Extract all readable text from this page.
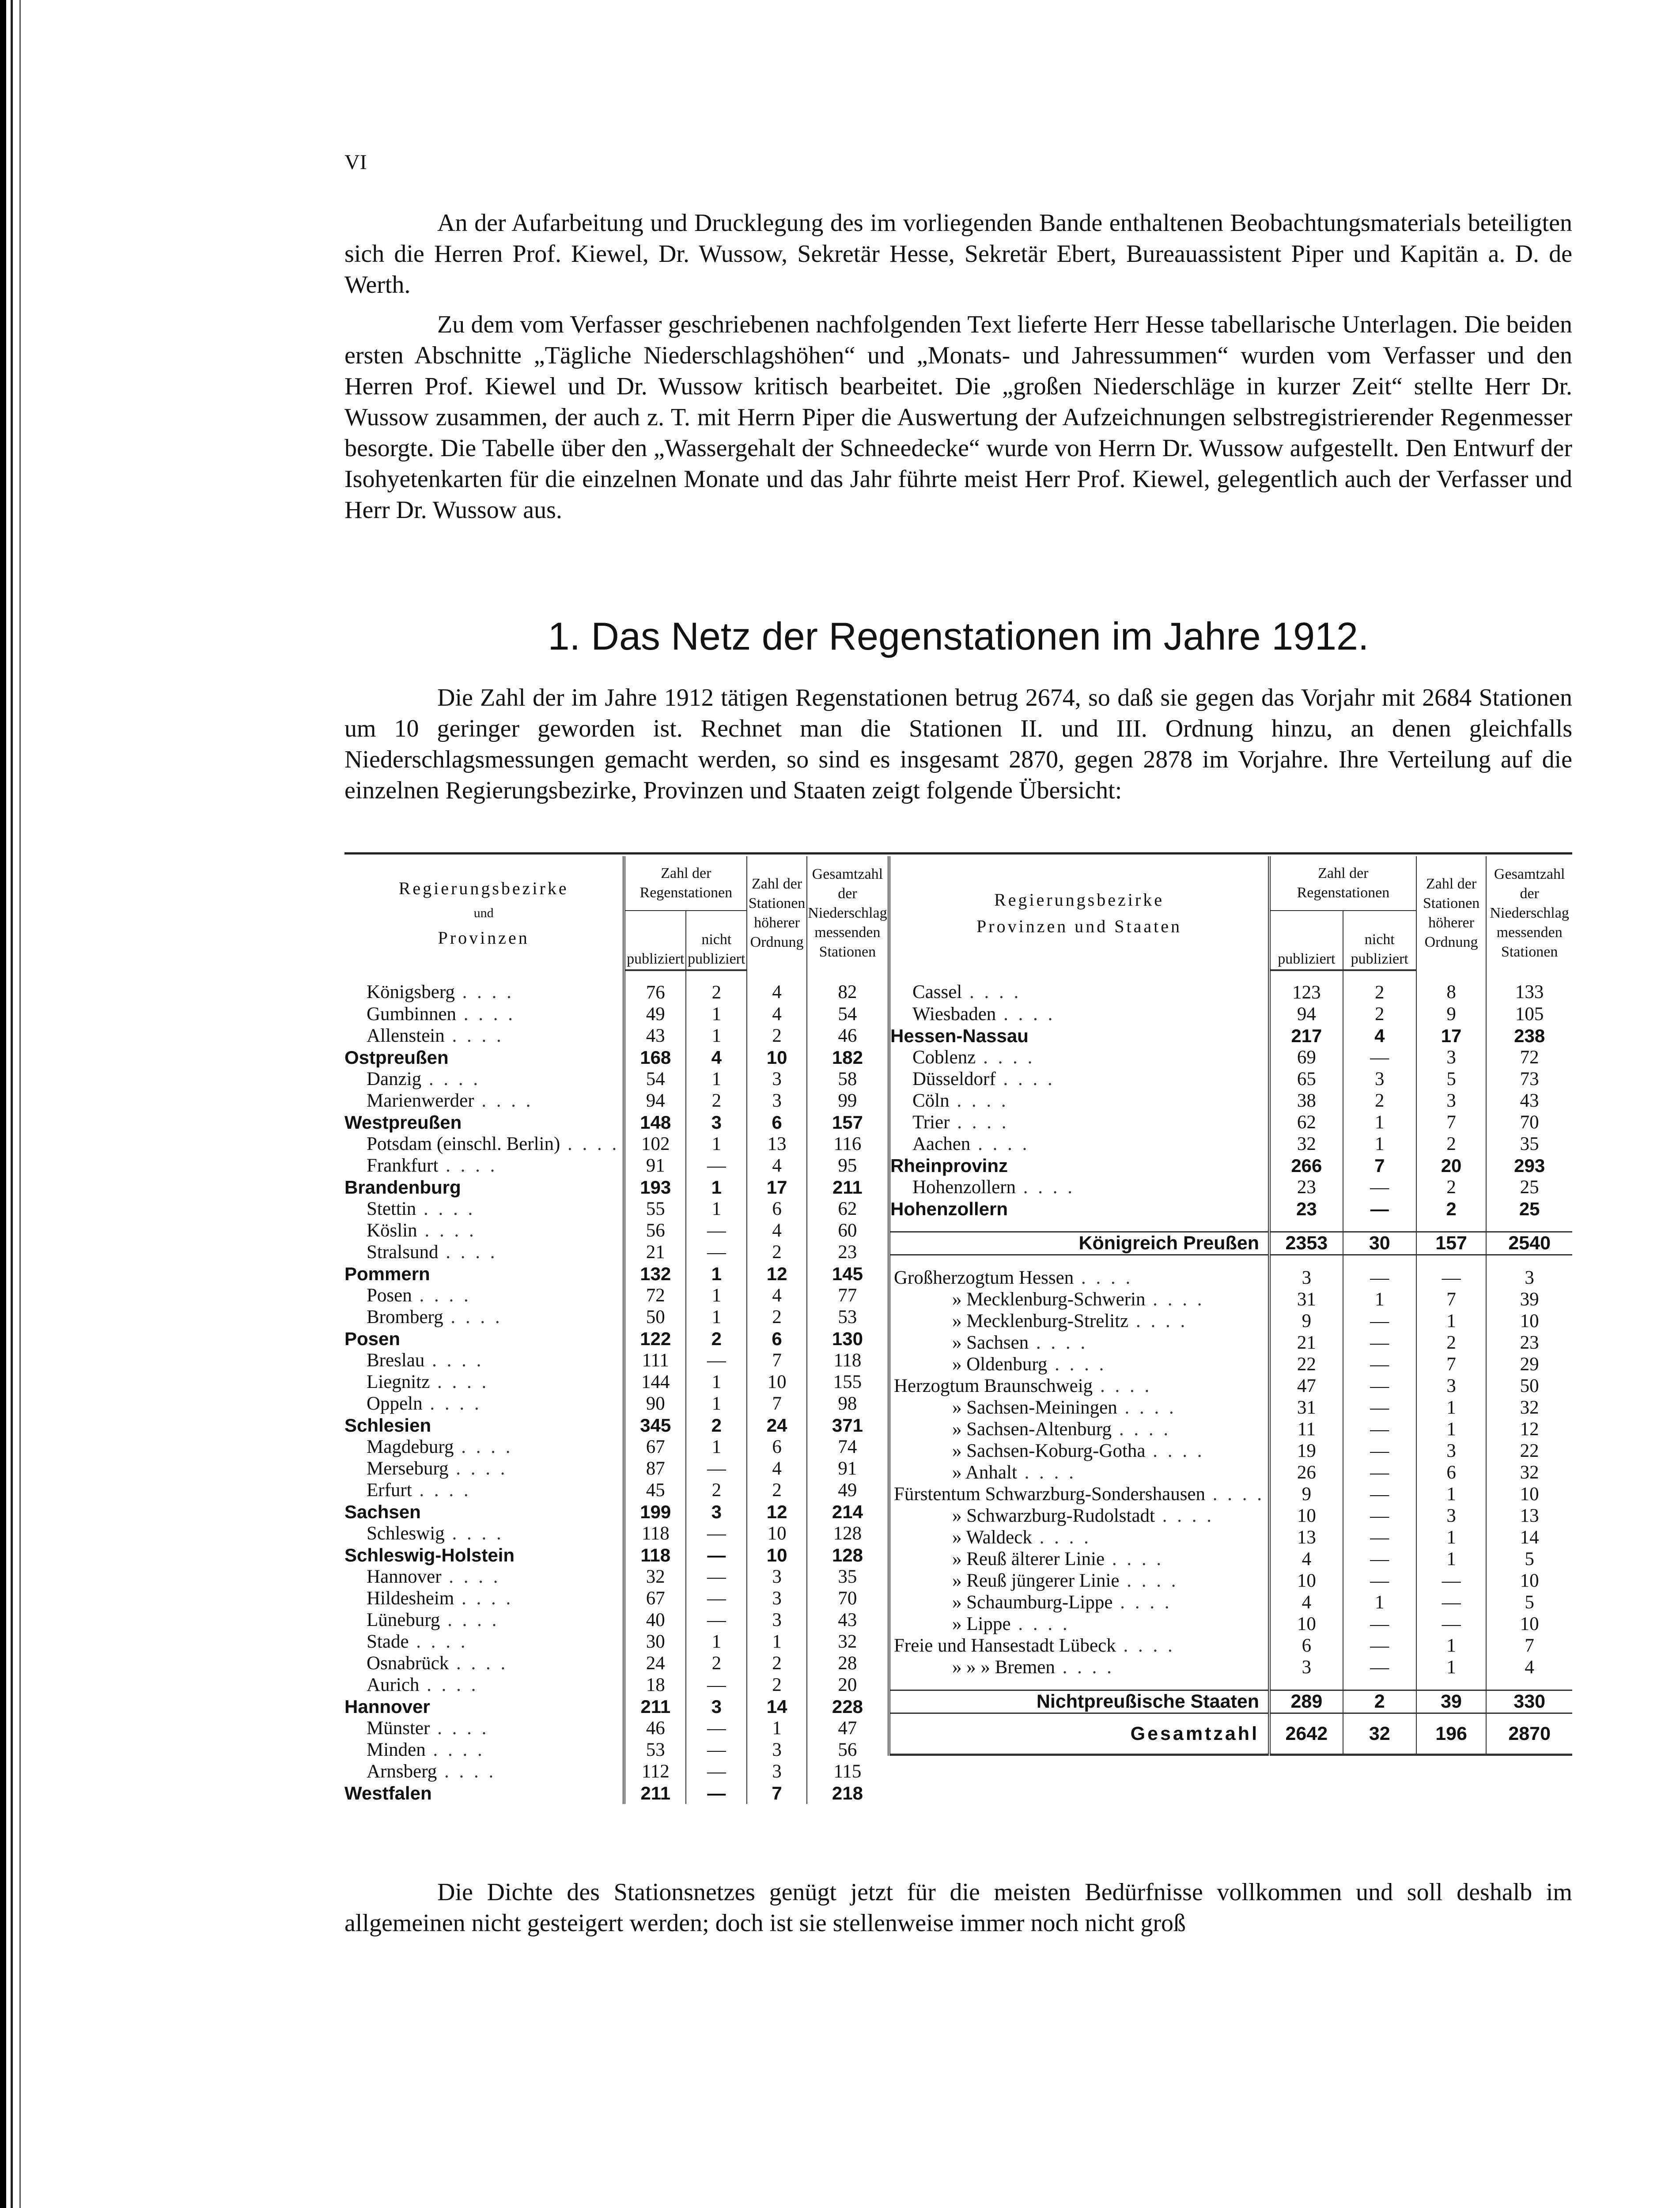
VI

An der Aufarbeitung und Drucklegung des im vorliegenden Bande enthaltenen Beobachtungsmaterials beteiligten sich die Herren Prof. Kiewel, Dr. Wussow, Sekretär Hesse, Sekretär Ebert, Bureauassistent Piper und Kapitän a. D. de Werth.

Zu dem vom Verfasser geschriebenen nachfolgenden Text lieferte Herr Hesse tabellarische Unterlagen. Die beiden ersten Abschnitte „Tägliche Niederschlagshöhen“ und „Monats- und Jahressummen“ wurden vom Verfasser und den Herren Prof. Kiewel und Dr. Wussow kritisch bearbeitet. Die „großen Niederschläge in kurzer Zeit“ stellte Herr Dr. Wussow zusammen, der auch z. T. mit Herrn Piper die Auswertung der Aufzeichnungen selbstregistrierender Regenmesser besorgte. Die Tabelle über den „Wassergehalt der Schneedecke“ wurde von Herrn Dr. Wussow aufgestellt. Den Entwurf der Isohyetenkarten für die einzelnen Monate und das Jahr führte meist Herr Prof. Kiewel, gelegentlich auch der Verfasser und Herr Dr. Wussow aus.

1. Das Netz der Regenstationen im Jahre 1912.

Die Zahl der im Jahre 1912 tätigen Regenstationen betrug 2674, so daß sie gegen das Vorjahr mit 2684 Stationen um 10 geringer geworden ist. Rechnet man die Stationen II. und III. Ordnung hinzu, an denen gleichfalls Niederschlagsmessungen gemacht werden, so sind es insgesamt 2870, gegen 2878 im Vorjahre. Ihre Verteilung auf die einzelnen Regierungsbezirke, Provinzen und Staaten zeigt folgende Übersicht:

Regierungsbezirke
und
Provinzen	Zahl der Regenstationen		Zahl der Stationen höherer Ordnung	Gesamtzahl der Niederschlag messenden Stationen
	publiziert	nicht publiziert		
Königsberg . . . .	76	2	4	82
Gumbinnen . . . .	49	1	4	54
Allenstein . . . .	43	1	2	46
Ostpreußen	168	4	10	182
Danzig . . . .	54	1	3	58
Marienwerder . . . .	94	2	3	99
Westpreußen	148	3	6	157
Potsdam (einschl. Berlin) . . . .	102	1	13	116
Frankfurt . . . .	91	—	4	95
Brandenburg	193	1	17	211
Stettin . . . .	55	1	6	62
Köslin . . . .	56	—	4	60
Stralsund . . . .	21	—	2	23
Pommern	132	1	12	145
Posen . . . .	72	1	4	77
Bromberg . . . .	50	1	2	53
Posen	122	2	6	130
Breslau . . . .	111	—	7	118
Liegnitz . . . .	144	1	10	155
Oppeln . . . .	90	1	7	98
Schlesien	345	2	24	371
Magdeburg . . . .	67	1	6	74
Merseburg . . . .	87	—	4	91
Erfurt . . . .	45	2	2	49
Sachsen	199	3	12	214
Schleswig . . . .	118	—	10	128
Schleswig-Holstein	118	—	10	128
Hannover . . . .	32	—	3	35
Hildesheim . . . .	67	—	3	70
Lüneburg . . . .	40	—	3	43
Stade . . . .	30	1	1	32
Osnabrück . . . .	24	2	2	28
Aurich . . . .	18	—	2	20
Hannover	211	3	14	228
Münster . . . .	46	—	1	47
Minden . . . .	53	—	3	56
Arnsberg . . . .	112	—	3	115
Westfalen	211	—	7	218
Regierungsbezirke
Provinzen und Staaten	Zahl der Regenstationen		Zahl der Stationen höherer Ordnung	Gesamtzahl der Niederschlag messenden Stationen
	publiziert	nicht publiziert		
Cassel . . . .	123	2	8	133
Wiesbaden . . . .	94	2	9	105
Hessen-Nassau	217	4	17	238
Coblenz . . . .	69	—	3	72
Düsseldorf . . . .	65	3	5	73
Cöln . . . .	38	2	3	43
Trier . . . .	62	1	7	70
Aachen . . . .	32	1	2	35
Rheinprovinz	266	7	20	293
Hohenzollern . . . .	23	—	2	25
Hohenzollern	23	—	2	25

Königreich Preußen	2353	30	157	2540

Großherzogtum Hessen . . . .	3	—	—	3
» Mecklenburg-Schwerin . . . .	31	1	7	39
» Mecklenburg-Strelitz . . . .	9	—	1	10
» Sachsen . . . .	21	—	2	23
» Oldenburg . . . .	22	—	7	29
Herzogtum Braunschweig . . . .	47	—	3	50
» Sachsen-Meiningen . . . .	31	—	1	32
» Sachsen-Altenburg . . . .	11	—	1	12
» Sachsen-Koburg-Gotha . . . .	19	—	3	22
» Anhalt . . . .	26	—	6	32
Fürstentum Schwarzburg-Sondershausen . . . .	9	—	1	10
» Schwarzburg-Rudolstadt . . . .	10	—	3	13
» Waldeck . . . .	13	—	1	14
» Reuß älterer Linie . . . .	4	—	1	5
» Reuß jüngerer Linie . . . .	10	—	—	10
» Schaumburg-Lippe . . . .	4	1	—	5
» Lippe . . . .	10	—	—	10
Freie und Hansestadt Lübeck . . . .	6	—	1	7
» » » Bremen . . . .	3	—	1	4

Nichtpreußische Staaten	289	2	39	330
Gesamtzahl	2642	32	196	2870

Die Dichte des Stationsnetzes genügt jetzt für die meisten Bedürfnisse vollkommen und soll deshalb im allgemeinen nicht gesteigert werden; doch ist sie stellenweise immer noch nicht groß
